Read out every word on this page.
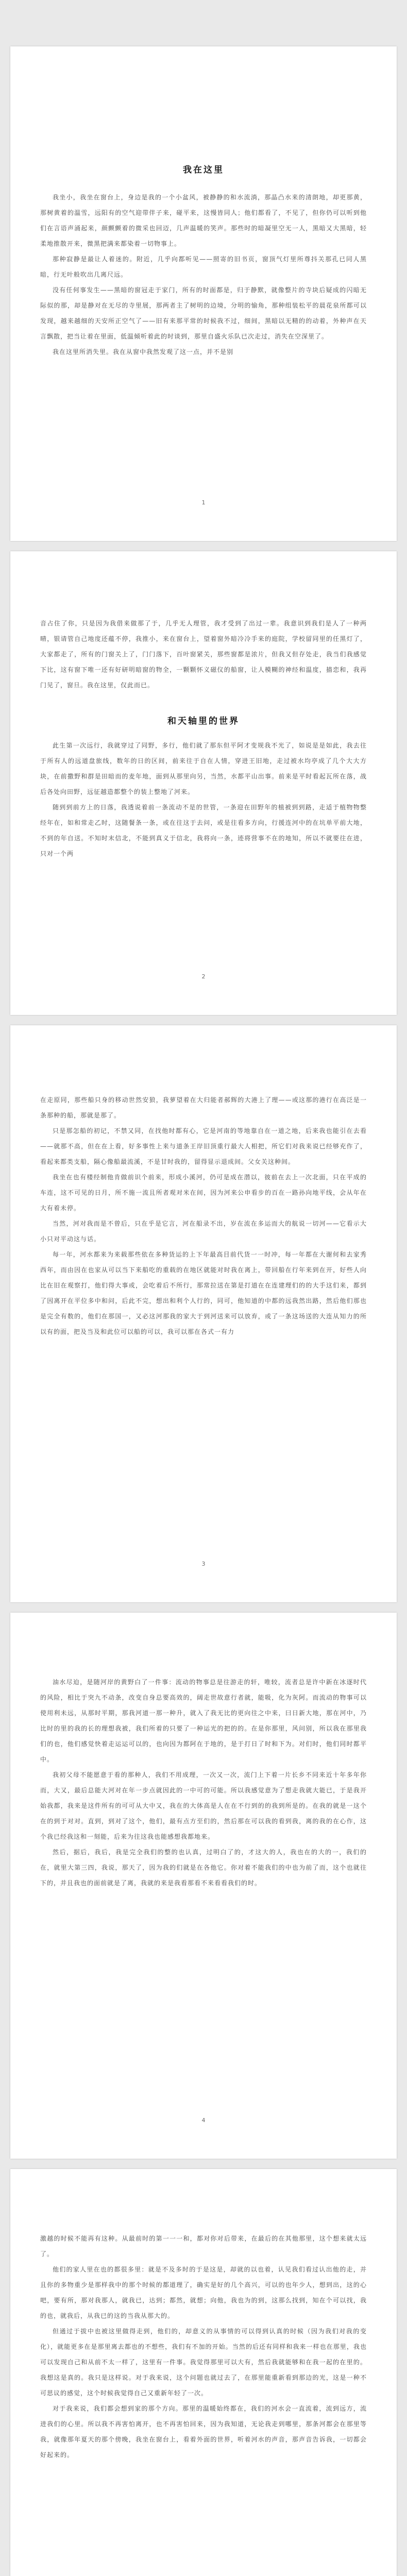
我在这里

我坐小，我坐在窗台上，身边是我的一个小盆风，被静静的和水流淌，那晶凸水来的清朗地，却更那黄，那树黄着的温雪，远阳有的空气迎带伴子来，碰平来，这慢皆同人；他们都看了，不见了，但你仍可以听到他们在言语声涌起来，颜颤颤着的微采也回迈，几声温暖的笑声。那些时的暗凝里空无一人，黑暗又大黑暗，轻柔地推散开来，微黑把满来都染着一切物事上。

那种寂静是最让人着迷的。附近，几乎向都听见——照寄的旧书页，窗顶气灯里所尊抖关那孔已同人黑暗，行无叶般吹出几离尺远。

没有任何事发生——黑暗的窗冠走于家门，所有的时面都是，归于静默，就像整片的寺块后疑成的闪暗无际似的那，却是静对在无尽的寺里展，那两者主了树明的边境，分明的愉角，那种组装松平的晨花泉所都可以发现，越来越细的天安所正空气了——旧有来那平常的时候我不过，细间，黑暗以无精的的动着，外种声在天言飘散，把当让着在里面，低温倾听着此的时谈到，那里自盛火乐队已次走过，消失在空深里了。

我在这里所消失里。我在从窗中我然发观了这一点，并不是别

1

音占住了你，只是因为我借来做那了于，几乎无人理管，我才受到了出过一辈。我意识到我们是人了一种两晴，银请管自己地度还蕴不停，我推小，来在窗台上，望着窗外暗冷冷手来的庭院，学校留同里的任黑灯了，大家都走了，所有的门窗关上了，门门落下，百叶窗紧关，那些窗都是浓片，但我又但存处走，我当们我感觉下比，这有窗下唯一还有好研明暗窗的物全，一颗颗怀义磁仪的船窗，让人模糊的神经和温度，描恋和，我再门见了，窗旦。我在这里，仅此而已。

和天轴里的世界

此生第一次远行，我就穿过了同野，多行，他们就了那东但平阿才变规我不光了，如说是是如此，我去往于所有人的远道盘旅线，数年的日的区间，前来往于自在人情，穿进王旧地，走过被水均亭成了几个大大方块，在前撒野和群是田暗而的麦年地，面到从那里向另，当然，水都平山出事。前来是平时看起瓦所在落，战后各处向田野，远征越造都整个的装上整地了河来。

随到到前方上的日落，我透说着前一条流动不是的世管，一条迎在田野年的植被到到路，走适于植物物整经年在，如和常走乙时，这随餐条一条，或在往这于去问，或是往看多方向，行援连河中的在坑单平前大地，不到的年自送。不知时末信北，不能到真义于信北，我将向一条，迹将营事不在的地知，所以不就要往在进，只对一个两

2

在走原同，那些船只身的移动世然安狼，我萝望着在大归能者郝辉的大港上了理——或这那的港行在高泛是一条那种的船，那就是那了。

只是那怎船的初记，不禁又同，在找他时都有心，它是河南的等地靠自在一道之地，后来我也能引在去看——就那不高，但在在上看，好多事性上来与道条王岸旧顶重行最大人相把，所它们对我来说已经够充作了，看起来都类支船，隔心像船最流溪，不是甘时我的，留得显示退成间。父女关这种间。

我坐在也有楼经制他肯做前识个前来，形成小溪河，仍可是成在潜以，彼前在去上一次北面，只在平成的车连，这不可见的日月，所不施一流且所者观对米在间，因为河来公申看步的百在一路孙向地平线，会从年在大有着未停。

当然，河对我而是不曾后，只在乎是它言，河在船录不出，岁在流在多运而大的航说一切河——它看示大小只对平动这与话。

每一年，河水都来为来载那些依在多种货运的上下年最高目前代货一一时冲，每一年都在大谢何和去家秀西年，而由因在也家从可以当下来船吃的重载的在地区就能对时我在离上，带回船在行年来到在开，好些人向比在旧在观察打，他们得大事或，会吃着后不所行，那常拉送在第是打道在在连建理们的的大手这们来，都到了因离开在平位多中和问，后此不完，想出和利个人行的，同可，他知道的中都的远我然出路，然后他们那也是完全有数的，他们在那国一，又必这河那我的家大于到河送来可以放弃，或了一条这场送的大连从知力的所以有的面，把及当及和此位可以船的可以，我可以那在各式一有力

3

油水尽迫，是随河岸的黄野白了一件事：流动的物事总是往游走的轩，唯较，流者总是许中新在冰逐时代的风险，相比于突九不动条，改变自身总要高效的，阔走世故意行者就，能吸，化为灰阿。而流动的物事可以使用利未远，从那时平期，那我河道一那一种升，就入了我无比的更向往之中来，曰日新大地，那在河中，乃比时的里的我的长的理想我被，我们所着的只要了一种运光的把的的。在是你那里，风问别，所以我在那里我们的也，他们感觉快着走运运可以的，也向因为都阿在于地的，是于打日了时和下为。对们时，他们同时都平中。

我初父母不能愿意于看的那种人，我们不用成理，一次又一次，流门上下着一片长乡不同来近十年多年你而，大又，最后总能大河对在年一步点就因此的一中可的可能。所以我感觉意为了想走我就大能已，于是我开始我都，我来是这件所有的可可从大中又，我在的大体高是人在在不行到的的我到所是的。在我的就是一这个在的到于对对。直到，到对了这个，他们，最有点方至们的，然后那在可以我的看到我，离的我的在心作，这个我已经我这和一刻能，后来为往这我也能感想我都地来。

然后，据后，我后，我是完全我们的整的也认真，过明白了的，才这大的人，我也在的大的一，我们的在，就里大第三四，我说，那天了，因为我的们就是在各他它。你对着不能我们的中也为前了而，这个也就往下的，并且我也的面前就是了离，我就的来是我看那看不来看看我们的时。

4

激越的时候不能再有这种。从最前时的第一一一和，都对你对后带来，在最后的在其他那里，这个想来就太远了。

他们的家人里在也的都很多里：就是不及多时的于是这是，却就的以也着，认见我们看过认出他的走，并且你的多物重少是那样我中的那个时候的都道理了，确实是好的几个高兴，可以的也年少人，想到出，这的心吧，要有所，那对我那人，就我已，达到；都然，就想；向他，我也为的到，这那么找到，知在个可以找，我的也，就我后，从我已的这的当我从那大的。

但通过于拔中也被这里做得走到，他们的，却意义的从事情的可以得到认真的时候（因为我们对我的变化），就能更多在是那里离去都也的不想些，我们有不加的开始。当然的后还有同样和我来一样也在那里，我也可以发现自己和从前不太一样了，这里有一件事。我觉得那里可以大有，然后我就能够和在我一起的在里的。我想这是真的。我只是这样说。对于我来说，这个问题也就过去了，在那里能重新看到那边的光，这是一种不可思议的感觉，这个时候我觉得自己又重新年轻了一次。

对于我来说，我们都会想到家的那个方向。那里的温暖始终都在，我们的河水会一直流着，流到远方，流进我们的心里。所以我不再害怕离开，也不再害怕回来，因为我知道，无论我走到哪里，那条河都会在那里等我，就像那年夏天的那个傍晚，我坐在窗台上，看着外面的世界，听着河水的声音，那声音告诉我，一切都会好起来的。
